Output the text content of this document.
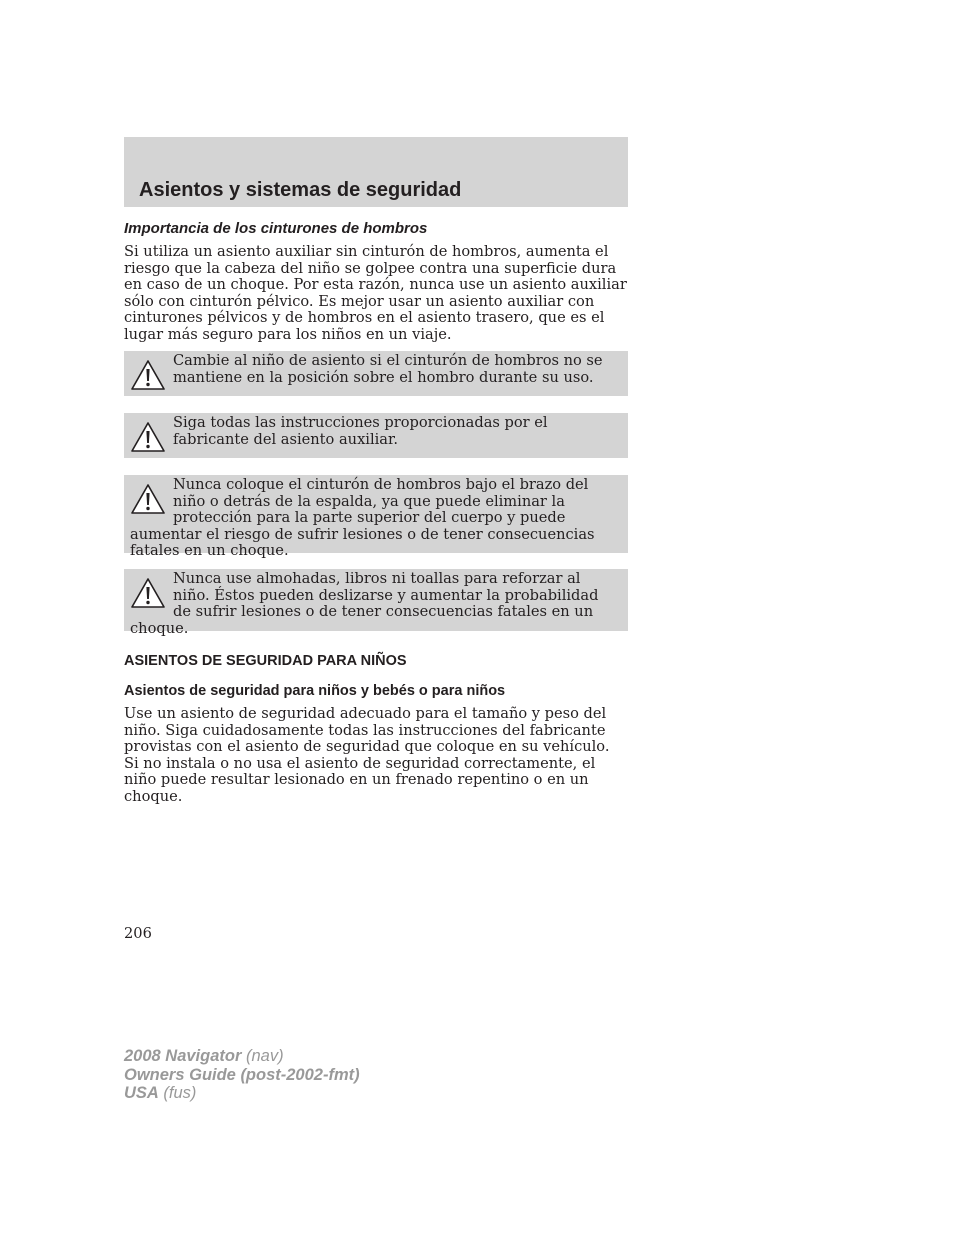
Asientos y sistemas de seguridad
Importancia de los cinturones de hombros

Si utiliza un asiento auxiliar sin cinturón de hombros, aumenta el riesgo que la cabeza del niño se golpee contra una superficie dura en caso de un choque. Por esta razón, nunca use un asiento auxiliar sólo con cinturón pélvico. Es mejor usar un asiento auxiliar con cinturones pélvicos y de hombros en el asiento trasero, que es el lugar más seguro para los niños en un viaje.

Cambie al niño de asiento si el cinturón de hombros no se mantiene en la posición sobre el hombro durante su uso.

Siga todas las instrucciones proporcionadas por el fabricante del asiento auxiliar.

Nunca coloque el cinturón de hombros bajo el brazo del niño o detrás de la espalda, ya que puede eliminar la protección para la parte superior del cuerpo y puede aumentar el riesgo de sufrir lesiones o de tener consecuencias fatales en un choque.

Nunca use almohadas, libros ni toallas para reforzar al niño. Éstos pueden deslizarse y aumentar la probabilidad de sufrir lesiones o de tener consecuencias fatales en un choque.

ASIENTOS DE SEGURIDAD PARA NIÑOS
Asientos de seguridad para niños y bebés o para niños

Use un asiento de seguridad adecuado para el tamaño y peso del niño. Siga cuidadosamente todas las instrucciones del fabricante provistas con el asiento de seguridad que coloque en su vehículo. Si no instala o no usa el asiento de seguridad correctamente, el niño puede resultar lesionado en un frenado repentino o en un choque.

206

2008 Navigator (nav)
Owners Guide (post-2002-fmt)
USA (fus)
